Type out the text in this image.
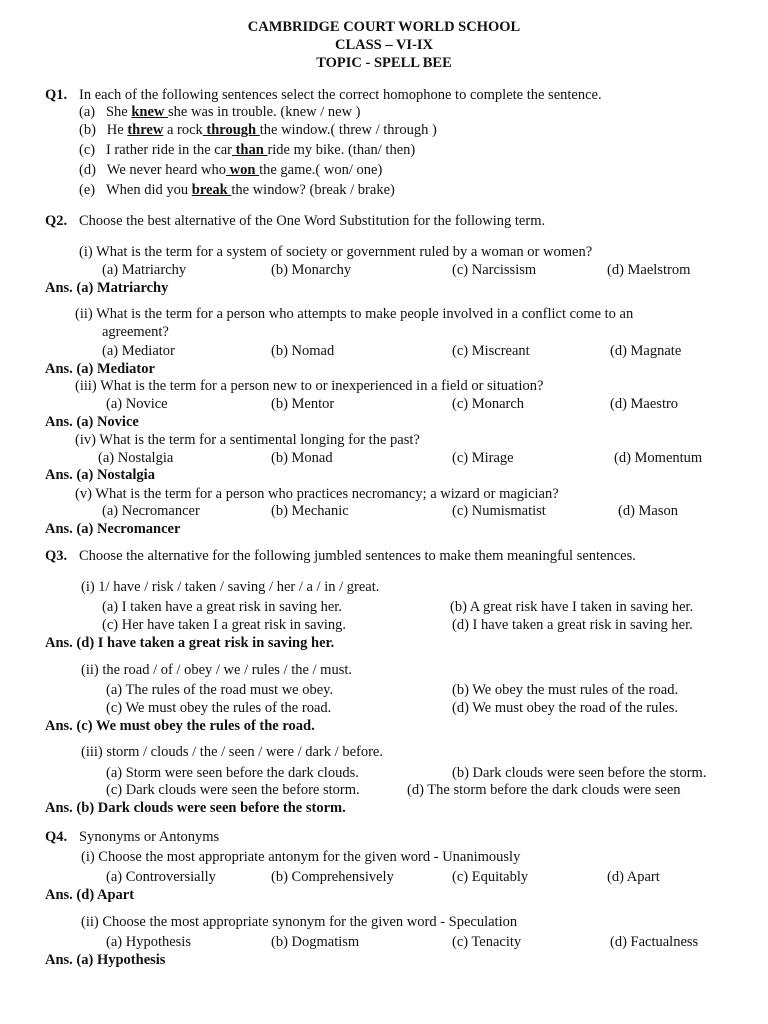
CAMBRIDGE COURT WORLD SCHOOL
CLASS – VI-IX
TOPIC - SPELL BEE
Q1. In each of the following sentences select the correct homophone to complete the sentence.
(a) She knew she was in trouble. (knew / new )
(b) He threw a rock through the window.( threw / through )
(c) I rather ride in the car than ride my bike. (than/ then)
(d) We never heard who won the game.( won/ one)
(e) When did you break the window? (break / brake)
Q2. Choose the best alternative of the One Word Substitution for the following term.
(i) What is the term for a system of society or government ruled by a woman or women?
(a) Matriarchy	(b) Monarchy	(c) Narcissism	(d) Maelstrom
Ans. (a) Matriarchy
(ii) What is the term for a person who attempts to make people involved in a conflict come to an
agreement?
(a) Mediator	(b) Nomad	(c) Miscreant	(d) Magnate
Ans. (a) Mediator
(iii) What is the term for a person new to or inexperienced in a field or situation?
(a) Novice	(b) Mentor	(c) Monarch	(d) Maestro
Ans. (a) Novice
(iv) What is the term for a sentimental longing for the past?
(a) Nostalgia	(b) Monad	(c) Mirage	(d) Momentum
Ans. (a) Nostalgia
(v) What is the term for a person who practices necromancy; a wizard or magician?
(a) Necromancer	(b) Mechanic	(c) Numismatist	(d) Mason
Ans. (a) Necromancer
Q3. Choose the alternative for the following jumbled sentences to make them meaningful sentences.
(i) 1/ have / risk / taken / saving / her / a / in / great.
(a) I taken have a great risk in saving her.	(b) A great risk have I taken in saving her.
(c) Her have taken I a great risk in saving.	(d) I have taken a great risk in saving her.
Ans. (d) I have taken a great risk in saving her.
(ii) the road / of / obey / we / rules / the / must.
(a) The rules of the road must we obey.	(b) We obey the must rules of the road.
(c) We must obey the rules of the road.	(d) We must obey the road of the rules.
Ans. (c) We must obey the rules of the road.
(iii) storm / clouds / the / seen / were / dark / before.
(a) Storm were seen before the dark clouds.	(b) Dark clouds were seen before the storm.
(c) Dark clouds were seen the before storm.	(d) The storm before the dark clouds were seen
Ans. (b) Dark clouds were seen before the storm.
Q4. Synonyms or Antonyms
(i) Choose the most appropriate antonym for the given word - Unanimously
(a) Controversially	(b) Comprehensively	(c) Equitably	(d) Apart
Ans. (d) Apart
(ii) Choose the most appropriate synonym for the given word - Speculation
(a) Hypothesis	(b) Dogmatism	(c) Tenacity	(d) Factualness
Ans. (a) Hypothesis
